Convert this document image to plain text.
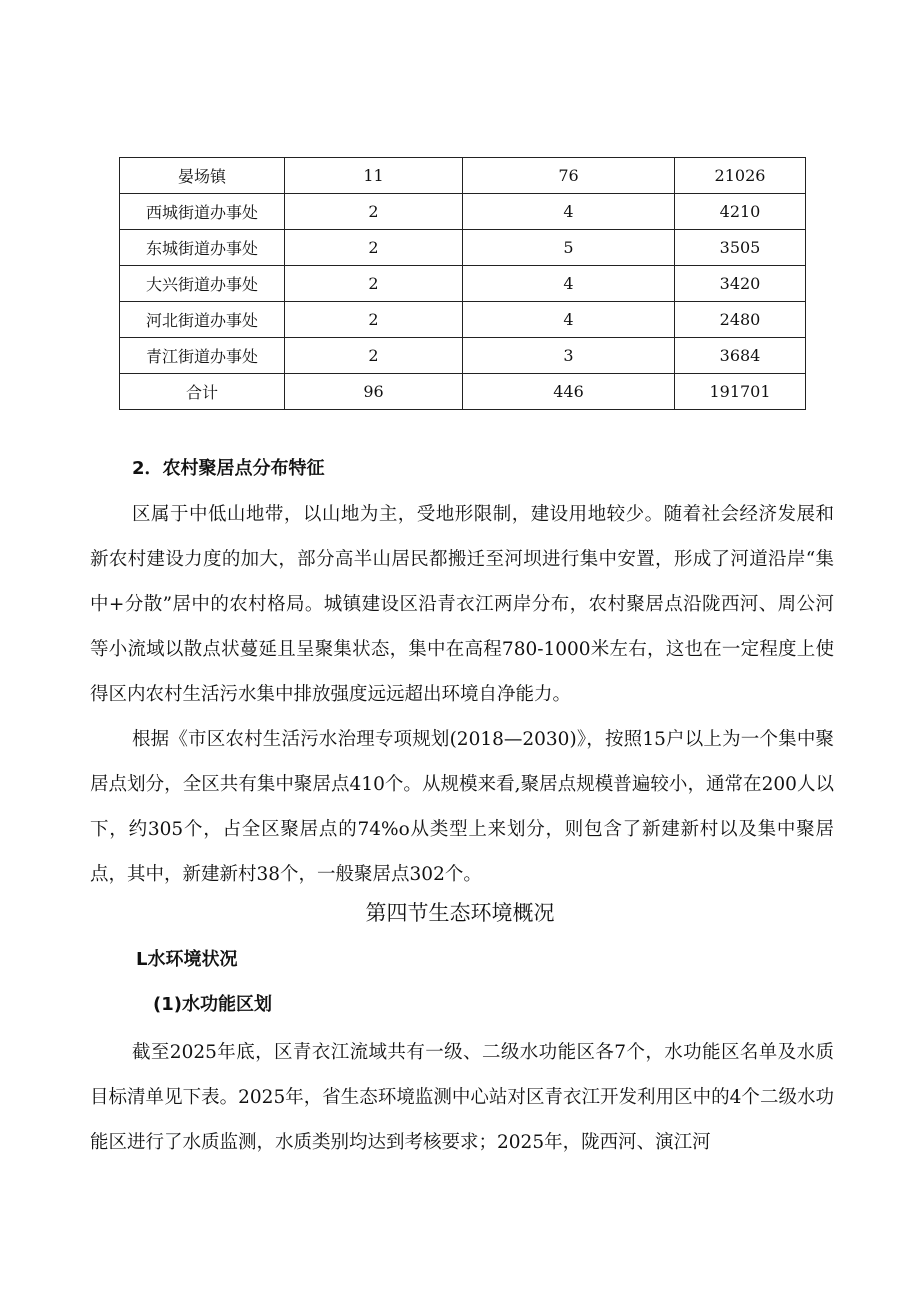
晏场镇	11	76	21026
西城街道办事处	2	4	4210
东城街道办事处	2	5	3505
大兴街道办事处	2	4	3420
河北街道办事处	2	4	2480
青江街道办事处	2	3	3684
合计	96	446	191701
2．农村聚居点分布特征

区属于中低山地带，以山地为主，受地形限制，建设用地较少。随着社会经济发展和新农村建设力度的加大，部分高半山居民都搬迁至河坝进行集中安置，形成了河道沿岸“集中+分散”居中的农村格局。城镇建设区沿青衣江两岸分布，农村聚居点沿陇西河、周公河等小流域以散点状蔓延且呈聚集状态，集中在高程780-1000米左右，这也在一定程度上使得区内农村生活污水集中排放强度远远超出环境自净能力。

根据《市区农村生活污水治理专项规划(2018—2030)》，按照15户以上为一个集中聚居点划分，全区共有集中聚居点410个。从规模来看,聚居点规模普遍较小，通常在200人以下，约305个，占全区聚居点的74%o从类型上来划分，则包含了新建新村以及集中聚居点，其中，新建新村38个，一般聚居点302个。

第四节生态环境概况
L水环境状况
(1)水功能区划

截至2025年底，区青衣江流域共有一级、二级水功能区各7个，水功能区名单及水质目标清单见下表。2025年，省生态环境监测中心站对区青衣江开发利用区中的4个二级水功能区进行了水质监测，水质类别均达到考核要求；2025年，陇西河、演江河
